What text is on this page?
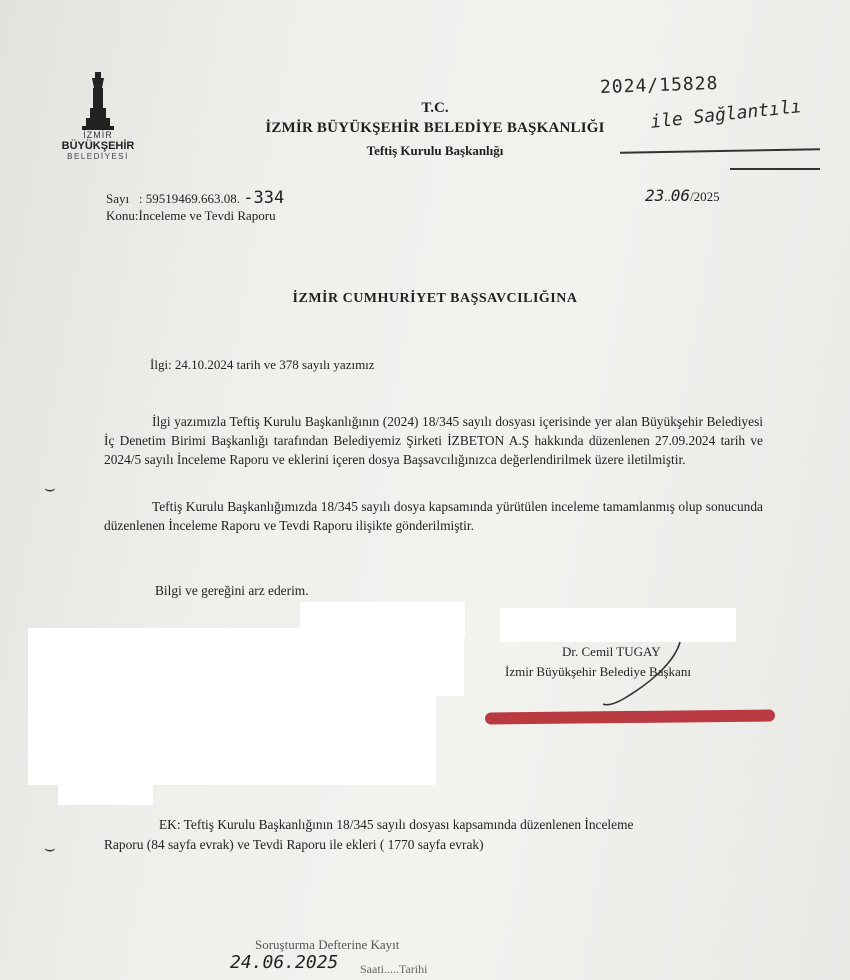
İZMİR
BÜYÜKŞEHİR
BELEDİYESİ
T.C.
İZMİR BÜYÜKŞEHİR BELEDİYE BAŞKANLIĞI
Teftiş Kurulu Başkanlığı
2024/15828
ile Sağlantılı
Sayı : 59519469.663.08. -334
Konu:İnceleme ve Tevdi Raporu
23..06/2025
İZMİR CUMHURİYET BAŞSAVCILIĞINA
İlgi: 24.10.2024 tarih ve 378 sayılı yazımız
İlgi yazımızla Teftiş Kurulu Başkanlığının (2024) 18/345 sayılı dosyası içerisinde yer alan Büyükşehir Belediyesi İç Denetim Birimi Başkanlığı tarafından Belediyemiz Şirketi İZBETON A.Ş hakkında düzenlenen 27.09.2024 tarih ve 2024/5 sayılı İnceleme Raporu ve eklerini içeren dosya Başsavcılığınızca değerlendirilmek üzere iletilmiştir.
Teftiş Kurulu Başkanlığımızda 18/345 sayılı dosya kapsamında yürütülen inceleme tamamlanmış olup sonucunda düzenlenen İnceleme Raporu ve Tevdi Raporu ilişikte gönderilmiştir.
Bilgi ve gereğini arz ederim.
⌣
⌣
Dr. Cemil TUGAY
İzmir Büyükşehir Belediye Başkanı
EK: Teftiş Kurulu Başkanlığının 18/345 sayılı dosyası kapsamında düzenlenen İnceleme
Raporu (84 sayfa evrak) ve Tevdi Raporu ile ekleri ( 1770 sayfa evrak)
Soruşturma Defterine Kayıt
24.06.2025 Saati.....Tarihi
